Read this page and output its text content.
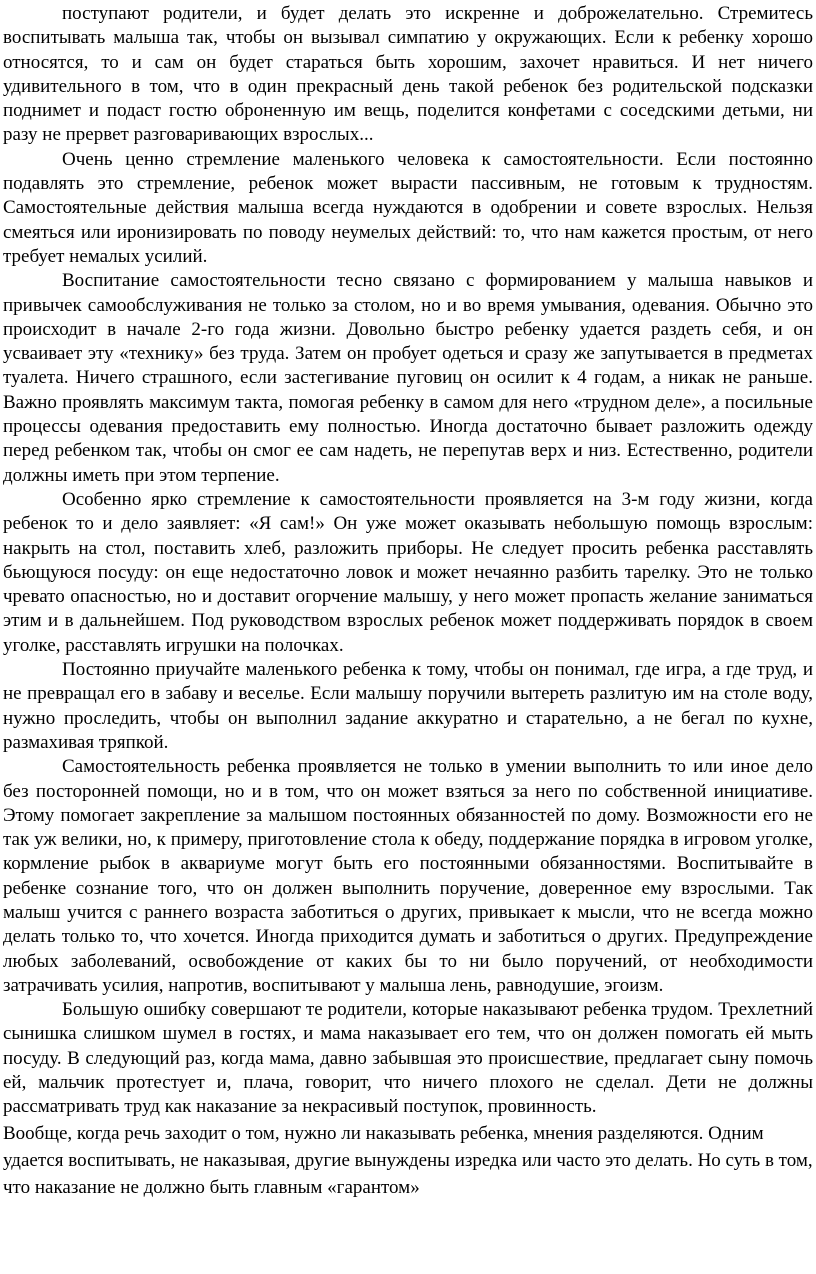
поступают родители, и будет делать это искренне и доброжелательно. Стремитесь воспитывать малыша так, чтобы он вызывал симпатию у окружающих. Если к ребенку хорошо относятся, то и сам он будет стараться быть хорошим, захочет нравиться. И нет ничего удивительного в том, что в один прекрасный день такой ребенок без родительской подсказки поднимет и подаст гостю оброненную им вещь, поделится конфетами с соседскими детьми, ни разу не прервет разговаривающих взрослых...

Очень ценно стремление маленького человека к самостоятельности. Если постоянно подавлять это стремление, ребенок может вырасти пассивным, не готовым к трудностям. Самостоятельные действия малыша всегда нуждаются в одобрении и совете взрослых. Нельзя смеяться или иронизировать по поводу неумелых действий: то, что нам кажется простым, от него требует немалых усилий.

Воспитание самостоятельности тесно связано с формированием у малыша навыков и привычек самообслуживания не только за столом, но и во время умывания, одевания. Обычно это происходит в начале 2-го года жизни. Довольно быстро ребенку удается раздеть себя, и он усваивает эту «технику» без труда. Затем он пробует одеться и сразу же запутывается в предметах туалета. Ничего страшного, если застегивание пуговиц он осилит к 4 годам, а никак не раньше. Важно проявлять максимум такта, помогая ребенку в самом для него «трудном деле», а посильные процессы одевания предоставить ему полностью. Иногда достаточно бывает разложить одежду перед ребенком так, чтобы он смог ее сам надеть, не перепутав верх и низ. Естественно, родители должны иметь при этом терпение.

Особенно ярко стремление к самостоятельности проявляется на 3-м году жизни, когда ребенок то и дело заявляет: «Я сам!» Он уже может оказывать небольшую помощь взрослым: накрыть на стол, поставить хлеб, разложить приборы. Не следует просить ребенка расставлять бьющуюся посуду: он еще недостаточно ловок и может нечаянно разбить тарелку. Это не только чревато опасностью, но и доставит огорчение малышу, у него может пропасть желание заниматься этим и в дальнейшем. Под руководством взрослых ребенок может поддерживать порядок в своем уголке, расставлять игрушки на полочках.

Постоянно приучайте маленького ребенка к тому, чтобы он понимал, где игра, а где труд, и не превращал его в забаву и веселье. Если малышу поручили вытереть разлитую им на столе воду, нужно проследить, чтобы он выполнил задание аккуратно и старательно, а не бегал по кухне, размахивая тряпкой.

Самостоятельность ребенка проявляется не только в умении выполнить то или иное дело без посторонней помощи, но и в том, что он может взяться за него по собственной инициативе. Этому помогает закрепление за малышом постоянных обязанностей по дому. Возможности его не так уж велики, но, к примеру, приготовление стола к обеду, поддержание порядка в игровом уголке, кормление рыбок в аквариуме могут быть его постоянными обязанностями. Воспитывайте в ребенке сознание того, что он должен выполнить поручение, доверенное ему взрослыми. Так малыш учится с раннего возраста заботиться о других, привыкает к мысли, что не всегда можно делать только то, что хочется. Иногда приходится думать и заботиться о других. Предупреждение любых заболеваний, освобождение от каких бы то ни было поручений, от необходимости затрачивать усилия, напротив, воспитывают у малыша лень, равнодушие, эгоизм.

Большую ошибку совершают те родители, которые наказывают ребенка трудом. Трехлетний сынишка слишком шумел в гостях, и мама наказывает его тем, что он должен помогать ей мыть посуду. В следующий раз, когда мама, давно забывшая это происшествие, предлагает сыну помочь ей, мальчик протестует и, плача, говорит, что ничего плохого не сделал. Дети не должны рассматривать труд как наказание за некрасивый поступок, провинность.

Вообще, когда речь заходит о том, нужно ли наказывать ребенка, мнения разделяются. Одним удается воспитывать, не наказывая, другие вынуждены изредка или часто это делать. Но суть в том, что наказание не должно быть главным «гарантом»
